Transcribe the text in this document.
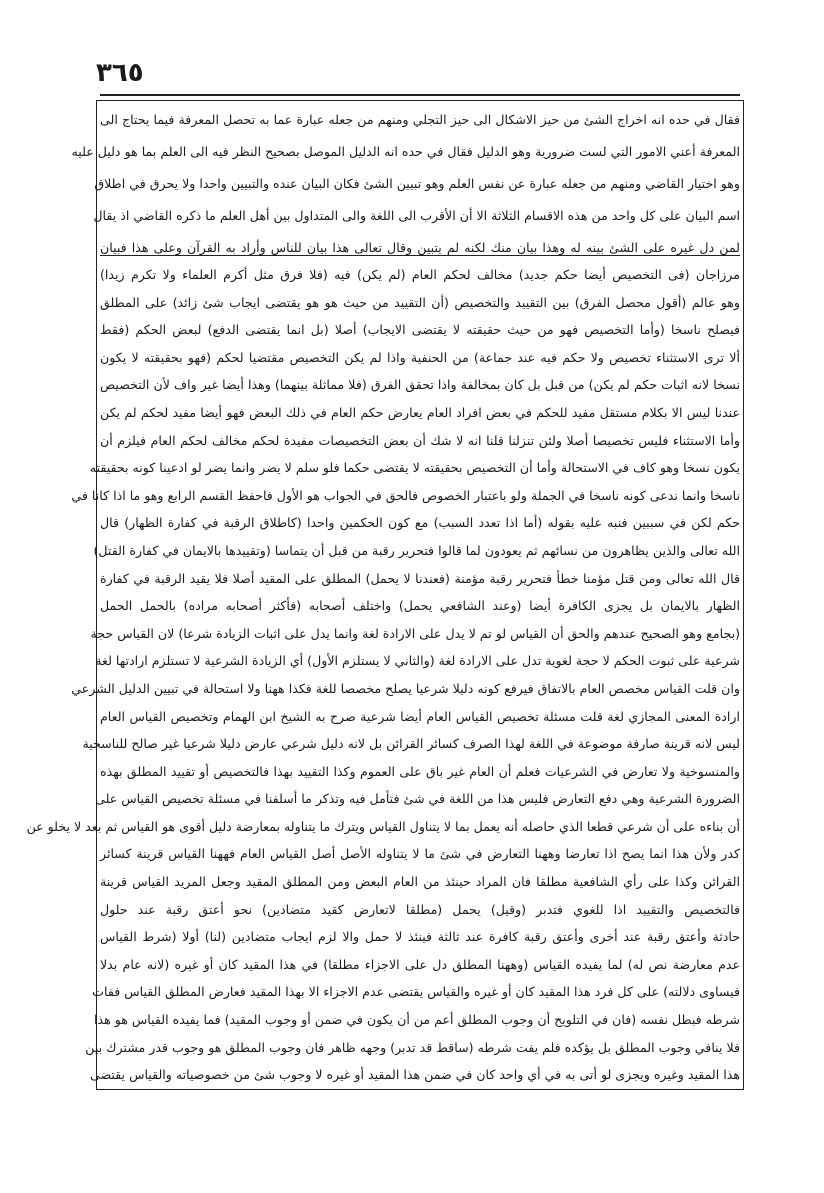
٣٦٥
فقال في حده انه اخراج الشئ من حيز الاشكال الى حيز التجلي ومنهم من جعله عبارة عما به تحصل المعرفة فيما يحتاج الى
المعرفة أعني الامور التي لست ضرورية وهو الدليل فقال في حده انه الدليل الموصل بصحيح النظر فيه الى العلم بما هو دليل عليه
وهو اختيار القاضي ومنهم من جعله عبارة عن نفس العلم وهو تبيين الشئ فكان البيان عنده والتبيين واحدا ولا يحرق في اطلاق
اسم البيان على كل واحد من هذه الاقسام الثلاثة الا أن الأقرب الى اللغة والى المتداول بين أهل العلم ما ذكره القاضي اذ يقال
لمن دل غيره على الشئ بينه له وهذا بيان منك لكنه لم يتبين وقال تعالى هذا بيان للناس وأراد به القرآن وعلى هذا فبيان
مرزاجان (فى التخصيص أيضا حكم جديد) مخالف لحكم العام (لم يكن) فيه (فلا فرق مثل أكرم العلماء ولا تكرم زيدا)
وهو عالم (أقول محصل الفرق) بين التقييد والتخصيص (أن التقييد من حيث هو هو يقتضى ايجاب شئ زائد) على المطلق
فيصلح ناسخا (وأما التخصيص فهو من حيث حقيقته لا يقتضى الايجاب) أصلا (بل انما يقتضى الدفع) لبعض الحكم (فقط
ألا ترى الاستثناء تخصيص ولا حكم فيه عند جماعة) من الحنفية واذا لم يكن التخصيص مقتضيا لحكم (فهو بحقيقته لا يكون
نسخا لانه اثبات حكم لم يكن) من قبل بل كان بمخالفة واذا تحقق الفرق (فلا مماثلة بينهما) وهذا أيضا غير واف لأن التخصيص
عندنا ليس الا بكلام مستقل مفيد للحكم في بعض افراد العام يعارض حكم العام في ذلك البعض فهو أيضا مفيد لحكم لم يكن
وأما الاستثناء فليس تخصيصا أصلا ولئن تنزلنا قلنا انه لا شك أن بعض التخصيصات مفيدة لحكم مخالف لحكم العام فيلزم أن
يكون نسخا وهو كاف في الاستحالة وأما أن التخصيص بحقيقته لا يقتضى حكما فلو سلم لا يضر وانما يضر لو ادعينا كونه بحقيقته
ناسخا وانما ندعى كونه ناسخا في الجملة ولو باعتبار الخصوص فالحق في الجواب هو الأول فاحفظ القسم الرابع وهو ما اذا كانا في
حكم لكن في سببين فنبه عليه بقوله (أما اذا تعدد السبب) مع كون الحكمين واحدا (كاطلاق الرقبة في كفارة الظهار) قال
الله تعالى والذين يظاهرون من نسائهم ثم يعودون لما قالوا فتحرير رقبة من قبل أن يتماسا (وتقييدها بالايمان في كفارة القتل)
قال الله تعالى ومن قتل مؤمنا خطأ فتحرير رقبة مؤمنة (فعندنا لا يحمل) المطلق على المقيد أصلا فلا يقيد الرقبة في كفارة
الظهار بالايمان بل يجزى الكافرة أيضا (وعند الشافعي يحمل) واختلف أصحابه (فأكثر أصحابه مراده) بالحمل الحمل
(بجامع وهو الصحيح عندهم والحق أن القياس لو تم لا يدل على الارادة لغة وانما يدل على اثبات الزيادة شرعا) لان القياس حجة
شرعية على ثبوت الحكم لا حجة لغوية تدل على الارادة لغة (والثاني لا يستلزم الأول) أي الزيادة الشرعية لا تستلزم ارادتها لغة
وان قلت القياس مخصص العام بالاتفاق فيرفع كونه دليلا شرعيا يصلح مخصصا للغة فكذا ههنا ولا استحالة في تبيين الدليل الشرعي
ارادة المعنى المجازي لغة قلت مسئلة تخصيص القياس العام أيضا شرعية صرح به الشيخ ابن الهمام وتخصيص القياس العام
ليس لانه قرينة صارفة موضوعة في اللغة لهذا الصرف كسائر القرائن بل لانه دليل شرعي عارض دليلا شرعيا غير صالح للناسخية
والمنسوخية ولا تعارض في الشرعيات فعلم أن العام غير باق على العموم وكذا التقييد بهذا فالتخصيص أو تقييد المطلق بهذه
الضرورة الشرعية وهي دفع التعارض فليس هذا من اللغة في شئ فتأمل فيه وتذكر ما أسلفنا في مسئلة تخصيص القياس على
أن بناءه على أن شرعي قطعا الذي حاصله أنه يعمل بما لا يتناول القياس ويترك ما يتناوله بمعارضة دليل أقوى هو القياس ثم بعد لا يخلو عن
كدر ولأن هذا انما يصح اذا تعارضا وههنا التعارض في شئ ما لا يتناوله الأصل أصل القياس العام فههنا القياس قرينة كسائر
القرائن وكذا على رأي الشافعية مطلقا فان المراد حينئذ من العام البعض ومن المطلق المقيد وجعل المريد القياس قرينة
فالتخصيص والتقييد اذا للغوي فتدبر (وقيل) يحمل (مطلقا لاتعارض كقيد متضادين) نحو أعتق رقبة عند حلول
حادثة وأعتق رقبة عند أخرى وأعتق رقبة كافرة عند ثالثة فينئذ لا حمل والا لزم ايجاب متضادين (لنا) أولا (شرط القياس
عدم معارضة نص له) لما يفيده القياس (وههنا المطلق دل على الاجزاء مطلقا) في هذا المقيد كان أو غيره (لانه عام بدلا
فيساوى دلالته) على كل فرد هذا المقيد كان أو غيره والقياس يقتضى عدم الاجزاء الا بهذا المقيد فعارض المطلق القياس ففات
شرطه فبطل نفسه (فان في التلويح أن وجوب المطلق أعم من أن يكون في ضمن أو وجوب المقيد) فما يفيده القياس هو هذا
فلا ينافي وجوب المطلق بل يؤكده فلم يفت شرطه (ساقط قد تدبر) وجهه ظاهر فان وجوب المطلق هو وجوب قدر مشترك بين
هذا المقيد وغيره ويجزى لو أتى به في أي واحد كان في ضمن هذا المقيد أو غيره لا وجوب شئ من خصوصياته والقياس يقتضى
